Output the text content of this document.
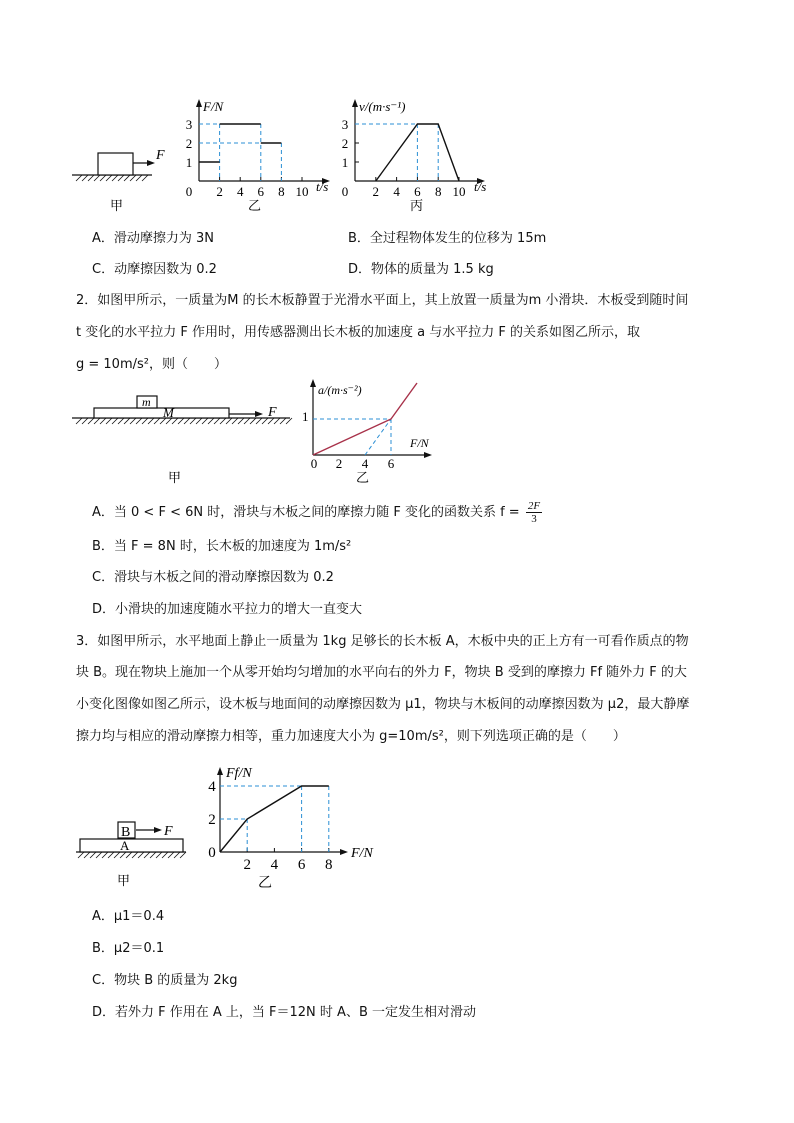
F
甲
F/N
t/s
0 2 4 6 8 10
1
2
3
乙
v/(m·s⁻¹)
t/s
0 2 4 6 8 10
1
2
3
丙
A．滑动摩擦力为 3N	B．全过程物体发生的位移为 15m
C．动摩擦因数为 0.2	D．物体的质量为 1.5 kg
2．如图甲所示，一质量为M 的长木板静置于光滑水平面上，其上放置一质量为m 小滑块．木板受到随时间
t 变化的水平拉力 F 作用时，用传感器测出长木板的加速度 a 与水平拉力 F 的关系如图乙所示，取
g = 10m/s²，则（　　）
m
M	F
甲
a/(m·s⁻²)
F/N
1
0 2 4 6
乙
A．当 0 < F < 6N 时，滑块与木板之间的摩擦力随 F 变化的函数关系 $f = \frac{2F}{3}$
B．当 F = 8N 时，长木板的加速度为 1m/s²
C．滑块与木板之间的滑动摩擦因数为 0.2
D．小滑块的加速度随水平拉力的增大一直变大
3．如图甲所示，水平地面上静止一质量为 1kg 足够长的长木板 A，木板中央的正上方有一可看作质点的物
块 B。现在物块上施加一个从零开始均匀增加的水平向右的外力 F，物块 B 受到的摩擦力 Ff 随外力 F 的大
小变化图像如图乙所示，设木板与地面间的动摩擦因数为 μ1，物块与木板间的动摩擦因数为 μ2，最大静摩
擦力均与相应的滑动摩擦力相等，重力加速度大小为 g=10m/s²，则下列选项正确的是（　　）
B
A
F
甲
Ff/N
F/N
2 4 6 8
0
2
4
乙
A．μ1＝0.4
B．μ2＝0.1
C．物块 B 的质量为 2kg
D．若外力 F 作用在 A 上，当 F＝12N 时 A、B 一定发生相对滑动
